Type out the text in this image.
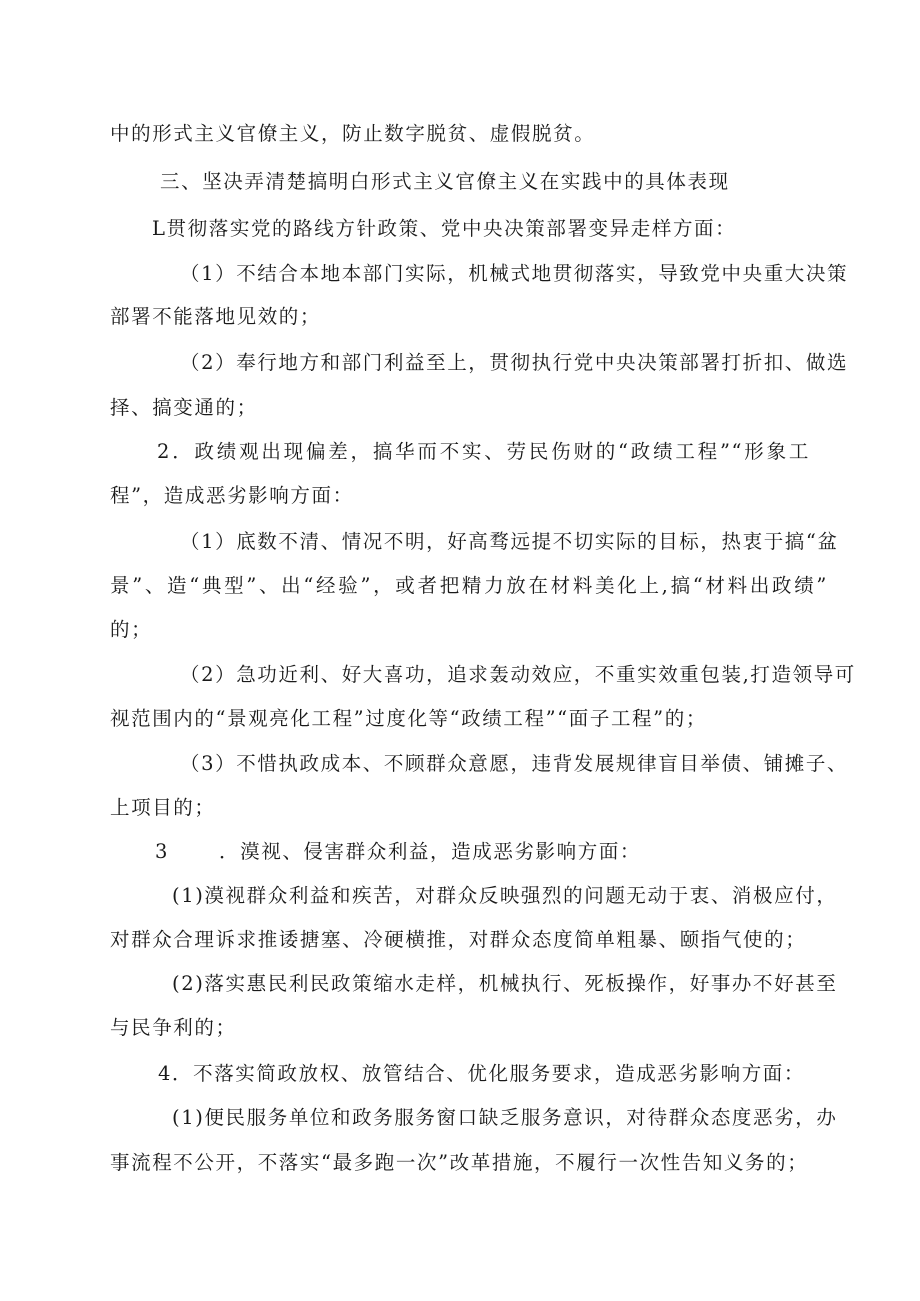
中的形式主义官僚主义，防止数字脱贫、虚假脱贫。

三、坚决弄清楚搞明白形式主义官僚主义在实践中的具体表现

L贯彻落实党的路线方针政策、党中央决策部署变异走样方面：

（1）不结合本地本部门实际，机械式地贯彻落实，导致党中央重大决策

部署不能落地见效的；

（2）奉行地方和部门利益至上，贯彻执行党中央决策部署打折扣、做选

择、搞变通的；

2．政绩观出现偏差，搞华而不实、劳民伤财的“政绩工程”“形象工

程”，造成恶劣影响方面：

（1）底数不清、情况不明，好高骛远提不切实际的目标，热衷于搞“盆

景”、造“典型”、出“经验”，或者把精力放在材料美化上,搞“材料出政绩”

的；

（2）急功近利、好大喜功，追求轰动效应，不重实效重包装,打造领导可

视范围内的“景观亮化工程”过度化等“政绩工程”“面子工程”的；

（3）不惜执政成本、不顾群众意愿，违背发展规律盲目举债、铺摊子、

上项目的；

3	．漠视、侵害群众利益，造成恶劣影响方面：

(1)漠视群众利益和疾苦，对群众反映强烈的问题无动于衷、消极应付，

对群众合理诉求推诿搪塞、冷硬横推，对群众态度简单粗暴、颐指气使的；

(2)落实惠民利民政策缩水走样，机械执行、死板操作，好事办不好甚至

与民争利的；

4．不落实简政放权、放管结合、优化服务要求，造成恶劣影响方面：

(1)便民服务单位和政务服务窗口缺乏服务意识，对待群众态度恶劣，办

事流程不公开，不落实“最多跑一次”改革措施，不履行一次性告知义务的；
